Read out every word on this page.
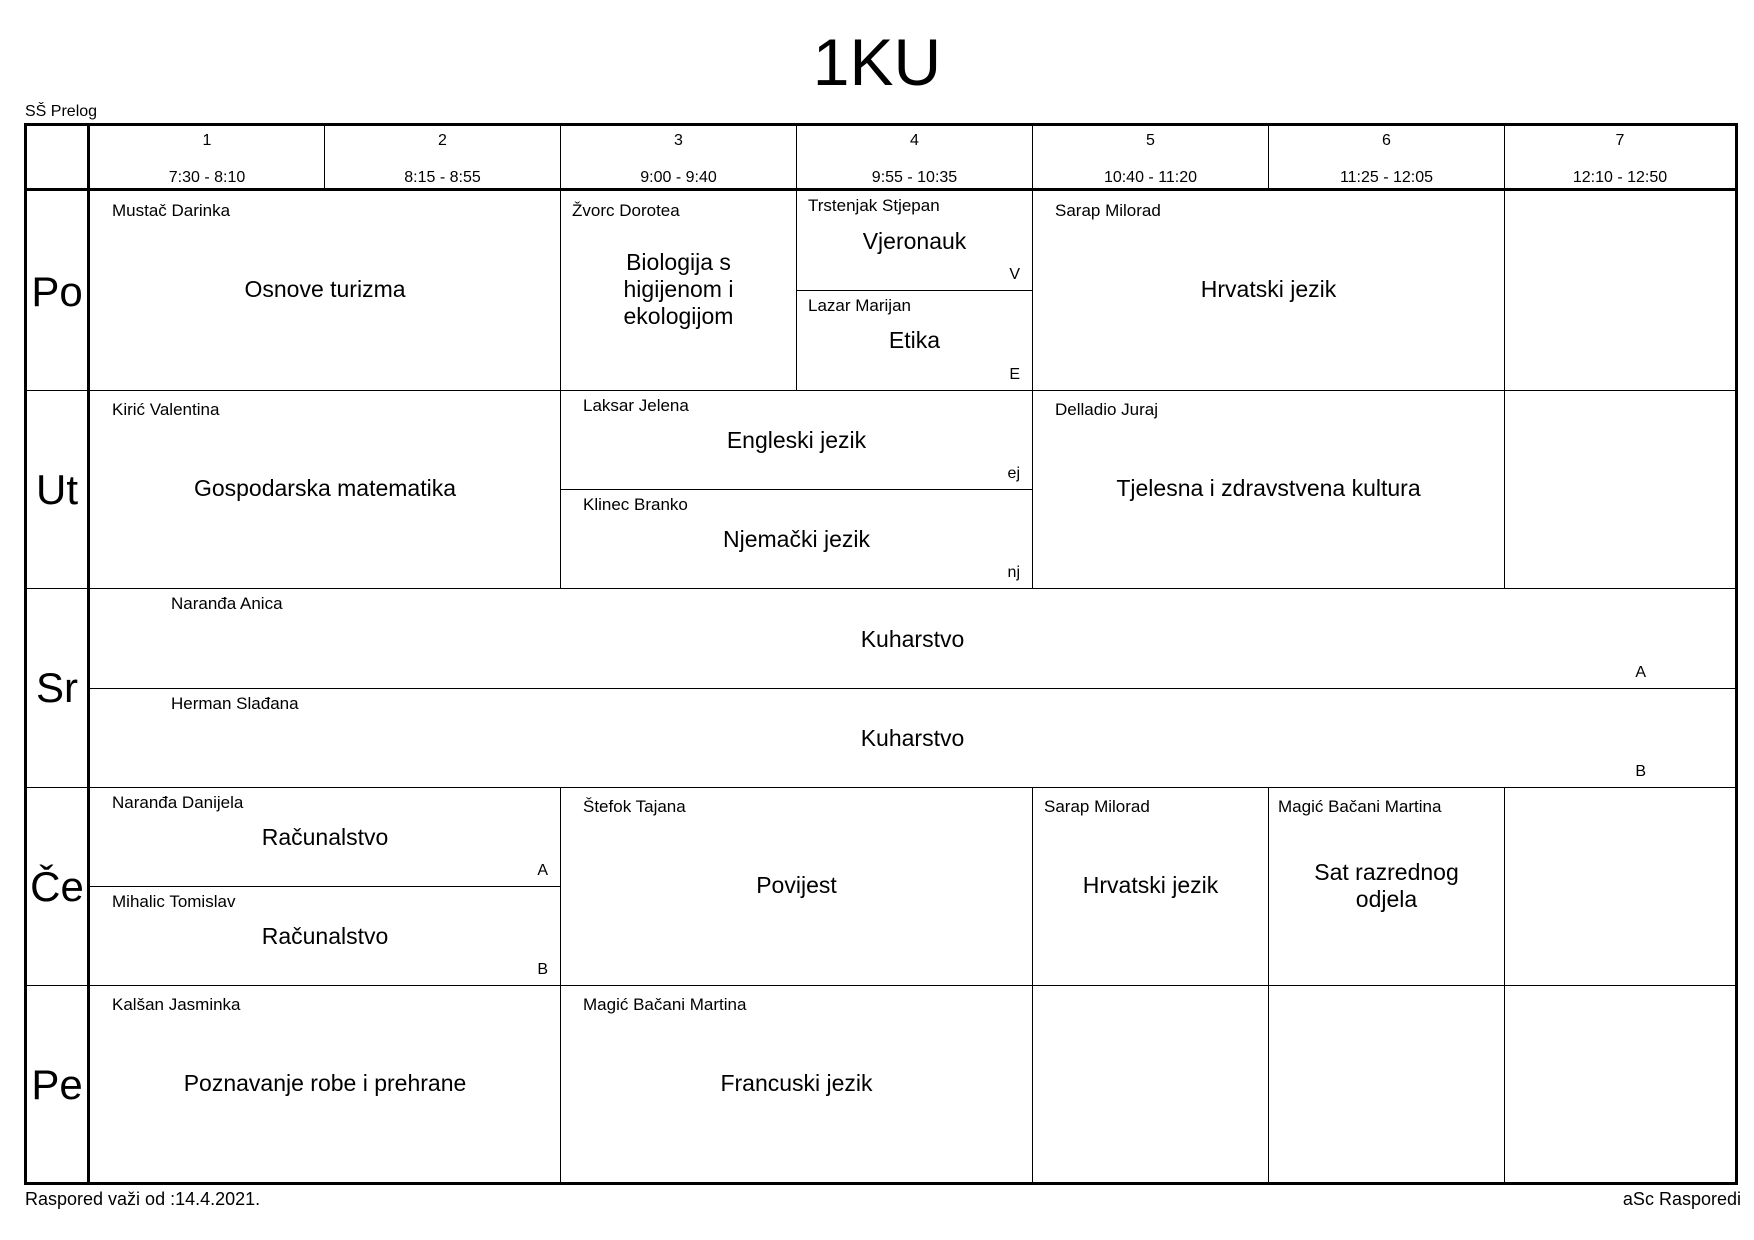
1KU
SŠ Prelog
1
7:30 - 8:10
2
8:15 - 8:55
3
9:00 - 9:40
4
9:55 - 10:35
5
10:40 - 11:20
6
11:25 - 12:05
7
12:10 - 12:50
Po
Ut
Sr
Če
Pe
Mustač Darinka
Osnove turizma
Žvorc Dorotea
Biologija s higijenom i ekologijom
Trstenjak Stjepan
Vjeronauk
V
Lazar Marijan
Etika
E
Sarap Milorad
Hrvatski jezik
Kirić Valentina
Gospodarska matematika
Laksar Jelena
Engleski jezik
ej
Klinec Branko
Njemački jezik
nj
Delladio Juraj
Tjelesna i zdravstvena kultura
Naranđa Anica
Kuharstvo
A
Herman Slađana
Kuharstvo
B
Naranđa Danijela
Računalstvo
A
Mihalic Tomislav
Računalstvo
B
Štefok Tajana
Povijest
Sarap Milorad
Hrvatski jezik
Magić Bačani Martina
Sat razrednog odjela
Kalšan Jasminka
Poznavanje robe i prehrane
Magić Bačani Martina
Francuski jezik
Raspored važi od :14.4.2021.	aSc Rasporedi
